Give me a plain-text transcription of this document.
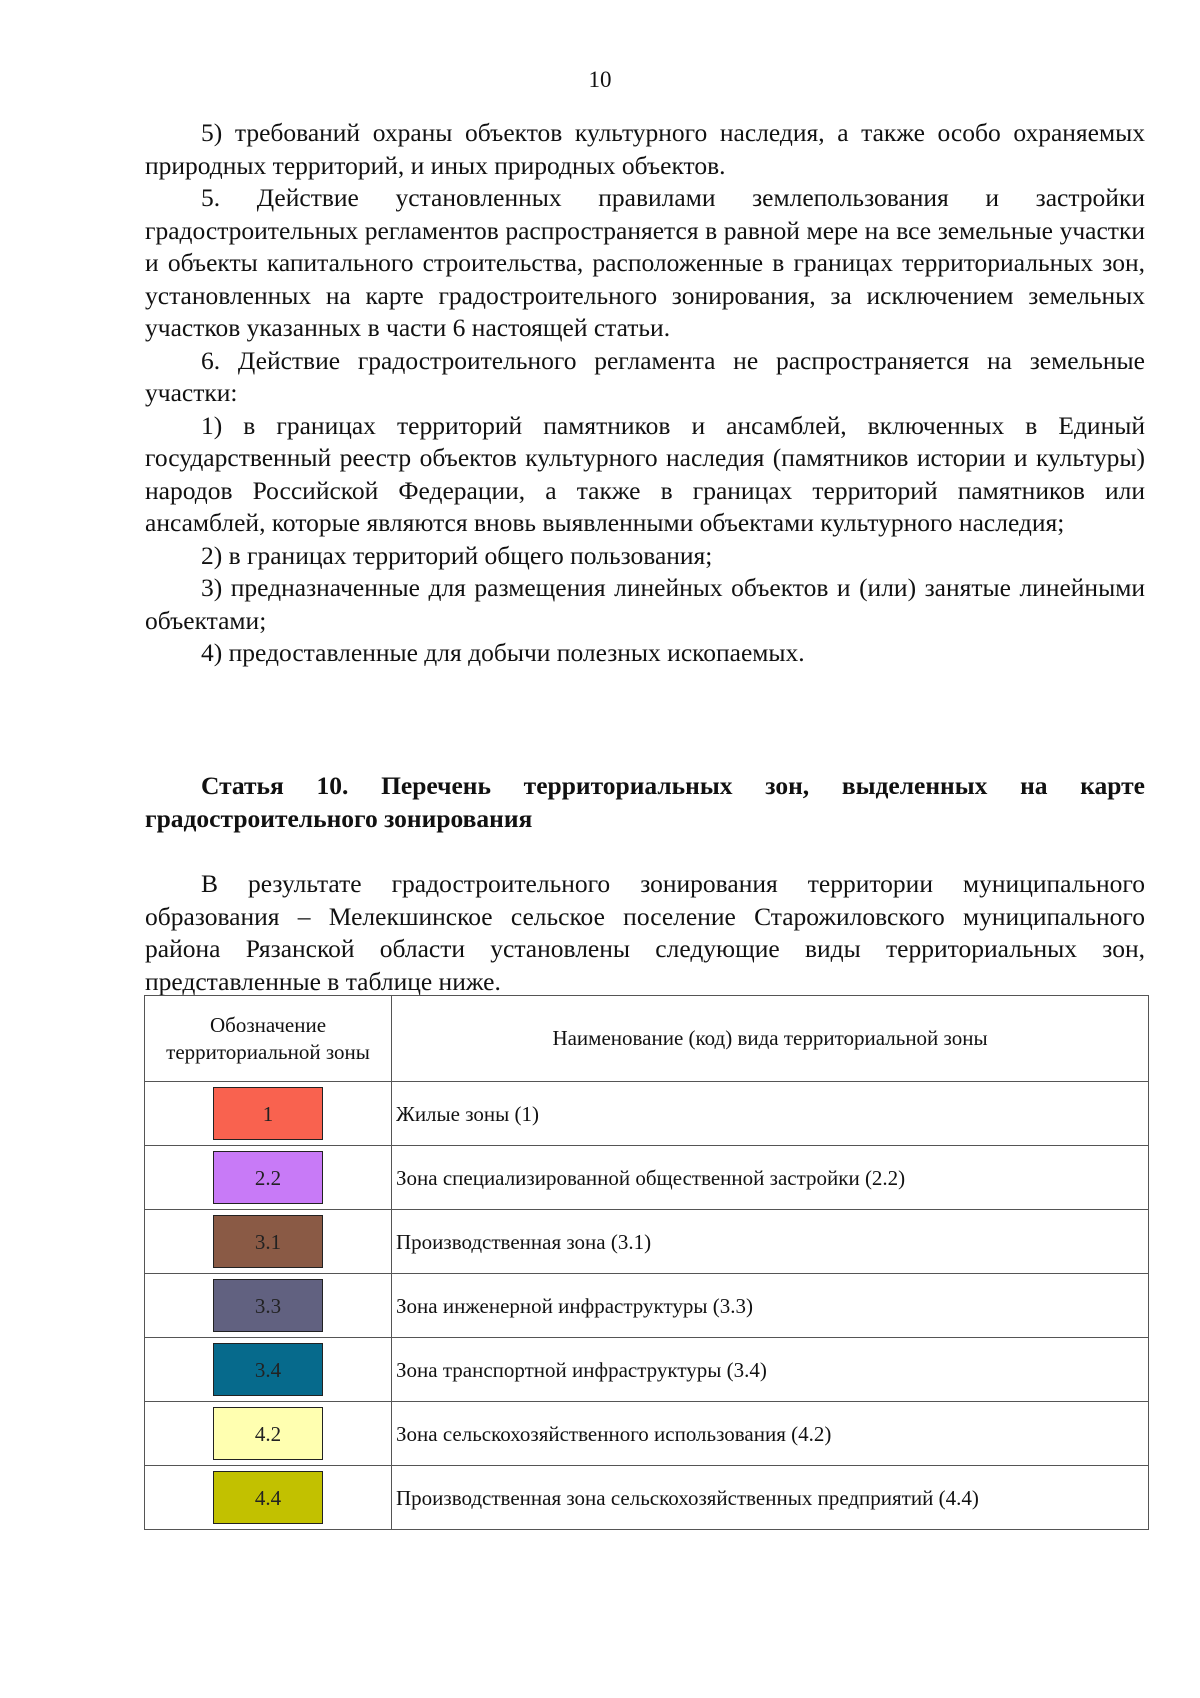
10

5) требований охраны объектов культурного наследия, а также особо охраняемых природных территорий, и иных природных объектов.

5. Действие установленных правилами землепользования и застройки градостроительных регламентов распространяется в равной мере на все земельные участки и объекты капитального строительства, расположенные в границах территориальных зон, установленных на карте градостроительного зонирования, за исключением земельных участков указанных в части 6 настоящей статьи.

6. Действие градостроительного регламента не распространяется на земельные участки:

1) в границах территорий памятников и ансамблей, включенных в Единый государственный реестр объектов культурного наследия (памятников истории и культуры) народов Российской Федерации, а также в границах территорий памятников или ансамблей, которые являются вновь выявленными объектами культурного наследия;

2) в границах территорий общего пользования;

3) предназначенные для размещения линейных объектов и (или) занятые линейными объектами;

4) предоставленные для добычи полезных ископаемых.

Статья 10. Перечень территориальных зон, выделенных на карте градостроительного зонирования
В результате градостроительного зонирования территории муниципального образования – Мелекшинское сельское поселение Старожиловского муниципального района Рязанской области установлены следующие виды территориальных зон, представленные в таблице ниже.
Обозначение территориальной зоны	Наименование (код) вида территориальной зоны

1	Жилые зоны (1)

2.2	Зона специализированной общественной застройки (2.2)

3.1	Производственная зона (3.1)

3.3	Зона инженерной инфраструктуры (3.3)

3.4	Зона транспортной инфраструктуры (3.4)

4.2	Зона сельскохозяйственного использования (4.2)

4.4	Производственная зона сельскохозяйственных предприятий (4.4)
